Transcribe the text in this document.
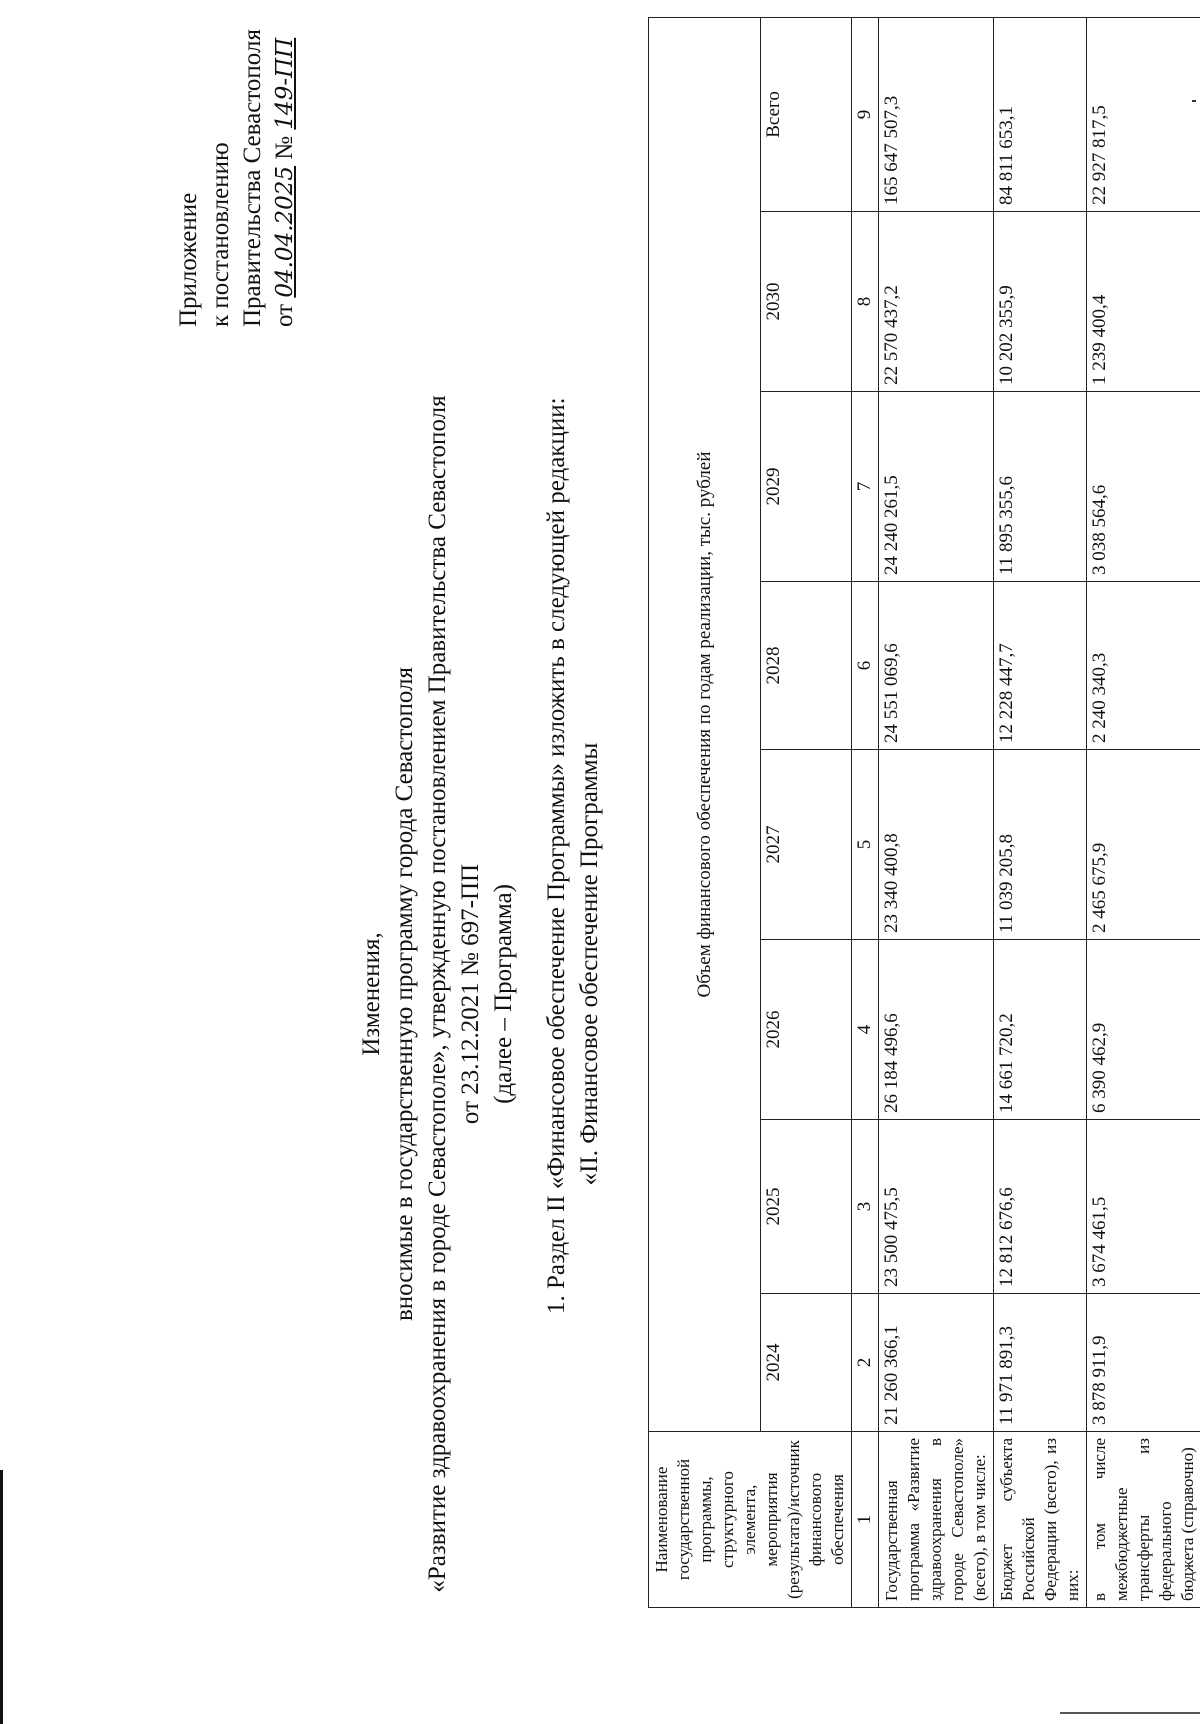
Приложение к постановлению Правительства Севастополя от 04.04.2025 № 149-ПП
Изменения, вносимые в государственную программу города Севастополя «Развитие здравоохранения в городе Севастополе», утвержденную постановлением Правительства Севастополя от 23.12.2021 № 697-ПП (далее – Программа) 1. Раздел II «Финансовое обеспечение Программы» изложить в следующей редакции: «II. Финансовое обеспечение Программы
Наименование государственной программы, структурного элемента, мероприятия (результата)/источник финансового обеспечения	Объем финансового обеспечения по годам реализации, тыс. рублей							
	2024	2025	2026	2027	2028	2029	2030	Всего
1	2	3	4	5	6	7	8	9
Государственная программа «Развитие здравоохранения в городе Севастополе» (всего), в том числе:	21 260 366,1	23 500 475,5	26 184 496,6	23 340 400,8	24 551 069,6	24 240 261,5	22 570 437,2	165 647 507,3
Бюджет субъекта Российской Федерации (всего), из них:	11 971 891,3	12 812 676,6	14 661 720,2	11 039 205,8	12 228 447,7	11 895 355,6	10 202 355,9	84 811 653,1
в том числе межбюджетные трансферты из федерального бюджета (справочно)	3 878 911,9	3 674 461,5	6 390 462,9	2 465 675,9	2 240 340,3	3 038 564,6	1 239 400,4	22 927 817,5
